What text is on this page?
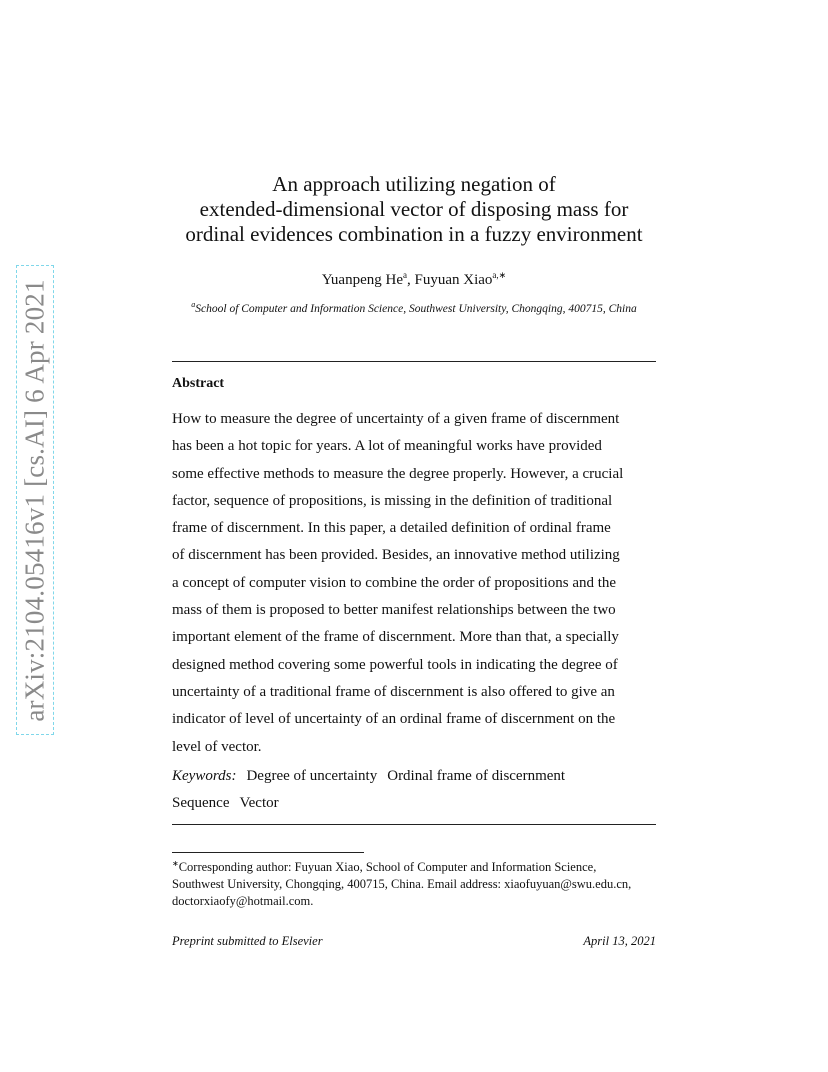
arXiv:2104.05416v1 [cs.AI] 6 Apr 2021
An approach utilizing negation of
extended-dimensional vector of disposing mass for
ordinal evidences combination in a fuzzy environment
Yuanpeng He$^a$, Fuyuan Xiao$^{a,∗}$
$^a$School of Computer and Information Science, Southwest University, Chongqing, 400715, China
Abstract
How to measure the degree of uncertainty of a given frame of discernment
has been a hot topic for years. A lot of meaningful works have provided
some effective methods to measure the degree properly. However, a crucial
factor, sequence of propositions, is missing in the definition of traditional
frame of discernment. In this paper, a detailed definition of ordinal frame
of discernment has been provided. Besides, an innovative method utilizing
a concept of computer vision to combine the order of propositions and the
mass of them is proposed to better manifest relationships between the two
important element of the frame of discernment. More than that, a specially
designed method covering some powerful tools in indicating the degree of
uncertainty of a traditional frame of discernment is also offered to give an
indicator of level of uncertainty of an ordinal frame of discernment on the
level of vector.
Keywords: Degree of uncertainty Ordinal frame of discernment
Sequence Vector
∗Corresponding author: Fuyuan Xiao, School of Computer and Information Science,
Southwest University, Chongqing, 400715, China. Email address: xiaofuyuan@swu.edu.cn,
doctorxiaofy@hotmail.com.
Preprint submitted to Elsevier	April 13, 2021
